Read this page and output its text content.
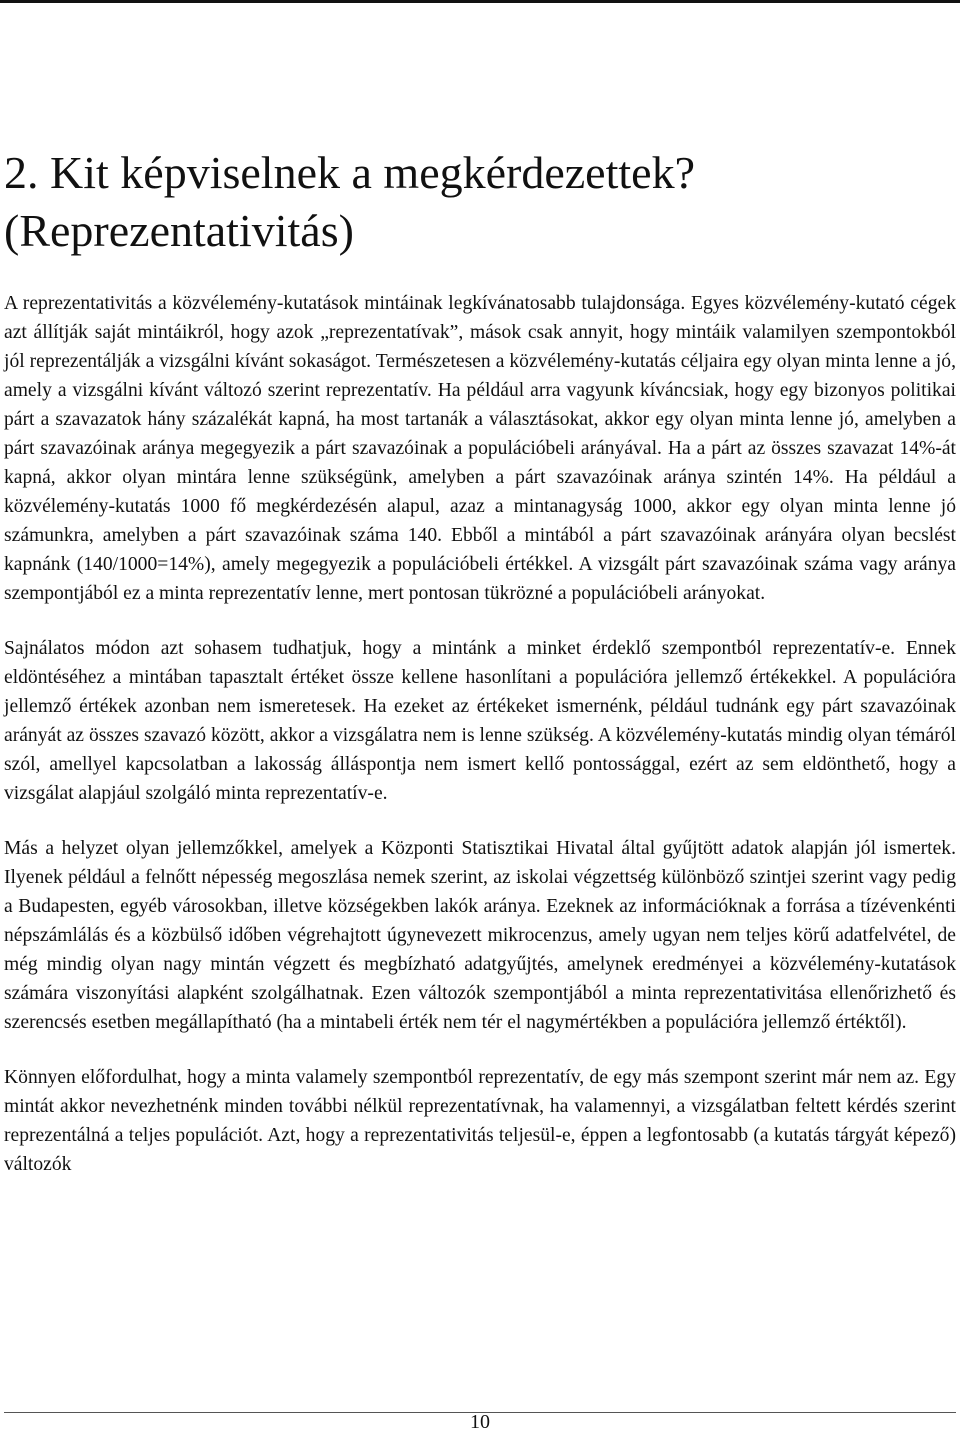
2. Kit képviselnek a megkérdezettek?
(Reprezentativitás)

A reprezentativitás a közvélemény-kutatások mintáinak legkívánatosabb tulajdonsága. Egyes közvélemény-kutató cégek azt állítják saját mintáikról, hogy azok „reprezentatívak”, mások csak annyit, hogy mintáik valamilyen szempontokból jól reprezentálják a vizsgálni kívánt sokaságot. Természetesen a közvélemény-kutatás céljaira egy olyan minta lenne a jó, amely a vizsgálni kívánt változó szerint reprezentatív. Ha például arra vagyunk kíváncsiak, hogy egy bizonyos politikai párt a szavazatok hány százalékát kapná, ha most tartanák a választásokat, akkor egy olyan minta lenne jó, amelyben a párt szavazóinak aránya megegyezik a párt szavazóinak a populációbeli arányával. Ha a párt az összes szavazat 14%-át kapná, akkor olyan mintára lenne szükségünk, amelyben a párt szavazóinak aránya szintén 14%. Ha például a közvélemény-kutatás 1000 fő megkérdezésén alapul, azaz a mintanagyság 1000, akkor egy olyan minta lenne jó számunkra, amelyben a párt szavazóinak száma 140. Ebből a mintából a párt szavazóinak arányára olyan becslést kapnánk (140/1000=14%), amely megegyezik a populációbeli értékkel. A vizsgált párt szavazóinak száma vagy aránya szempontjából ez a minta reprezentatív lenne, mert pontosan tükrözné a populációbeli arányokat.

Sajnálatos módon azt sohasem tudhatjuk, hogy a mintánk a minket érdeklő szempontból reprezentatív-e. Ennek eldöntéséhez a mintában tapasztalt értéket össze kellene hasonlítani a populációra jellemző értékekkel. A populációra jellemző értékek azonban nem ismeretesek. Ha ezeket az értékeket ismernénk, például tudnánk egy párt szavazóinak arányát az összes szavazó között, akkor a vizsgálatra nem is lenne szükség. A közvélemény-kutatás mindig olyan témáról szól, amellyel kapcsolatban a lakosság álláspontja nem ismert kellő pontossággal, ezért az sem eldönthető, hogy a vizsgálat alapjául szolgáló minta reprezentatív-e.

Más a helyzet olyan jellemzőkkel, amelyek a Központi Statisztikai Hivatal által gyűjtött adatok alapján jól ismertek. Ilyenek például a felnőtt népesség megoszlása nemek szerint, az iskolai végzettség különböző szintjei szerint vagy pedig a Budapesten, egyéb városokban, illetve községekben lakók aránya. Ezeknek az információknak a forrása a tízévenkénti népszámlálás és a közbülső időben végrehajtott úgynevezett mikrocenzus, amely ugyan nem teljes körű adatfelvétel, de még mindig olyan nagy mintán végzett és megbízható adatgyűjtés, amelynek eredményei a közvélemény-kutatások számára viszonyítási alapként szolgálhatnak. Ezen változók szempontjából a minta reprezentativitása ellenőrizhető és szerencsés esetben megállapítható (ha a mintabeli érték nem tér el nagymértékben a populációra jellemző értéktől).

Könnyen előfordulhat, hogy a minta valamely szempontból reprezentatív, de egy más szempont szerint már nem az. Egy mintát akkor nevezhetnénk minden további nélkül reprezentatívnak, ha valamennyi, a vizsgálatban feltett kérdés szerint reprezentálná a teljes populációt. Azt, hogy a reprezentativitás teljesül-e, éppen a legfontosabb (a kutatás tárgyát képező) változók

10
